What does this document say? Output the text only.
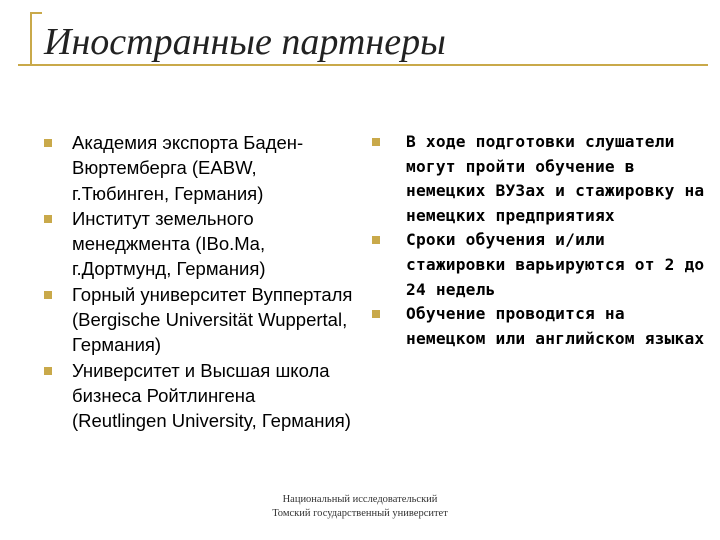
Иностранные партнеры
Академия экспорта Баден-Вюртемберга (EABW, г.Тюбинген, Германия)
Институт земельного менеджмента (IBo.Ma, г.Дортмунд, Германия)
Горный университет Вупперталя (Bergische Universität Wuppertal, Германия)
Университет и Высшая школа бизнеса Ройтлингена (Reutlingen University, Германия)
В ходе подготовки слушатели могут пройти обучение в немецких ВУЗах и стажировку на немецких предприятиях
Сроки обучения и/или стажировки варьируются от 2 до 24 недель
Обучение проводится на немецком или английском языках
Национальный исследовательский
Томский государственный университет
